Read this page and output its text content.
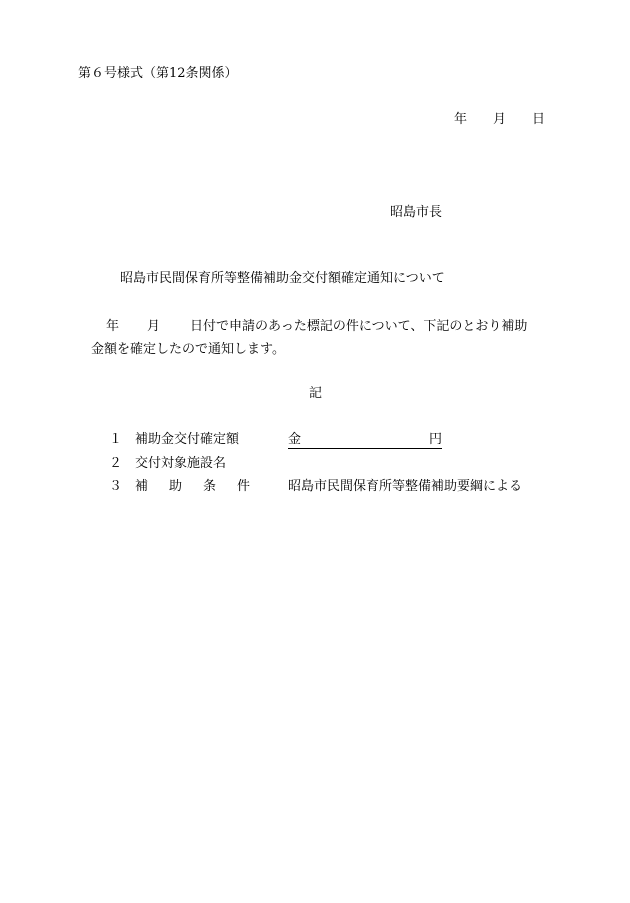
第６号様式（第12条関係）
年 月 日
昭島市長
昭島市民間保育所等整備補助金交付額確定通知について
年 月 日付で申請のあった標記の件について、下記のとおり補助
金額を確定したので通知します。
記
１ 補助金交付確定額	金	円
２ 交付対象施設名
３ 補 助 条 件	昭島市民間保育所等整備補助要綱による
